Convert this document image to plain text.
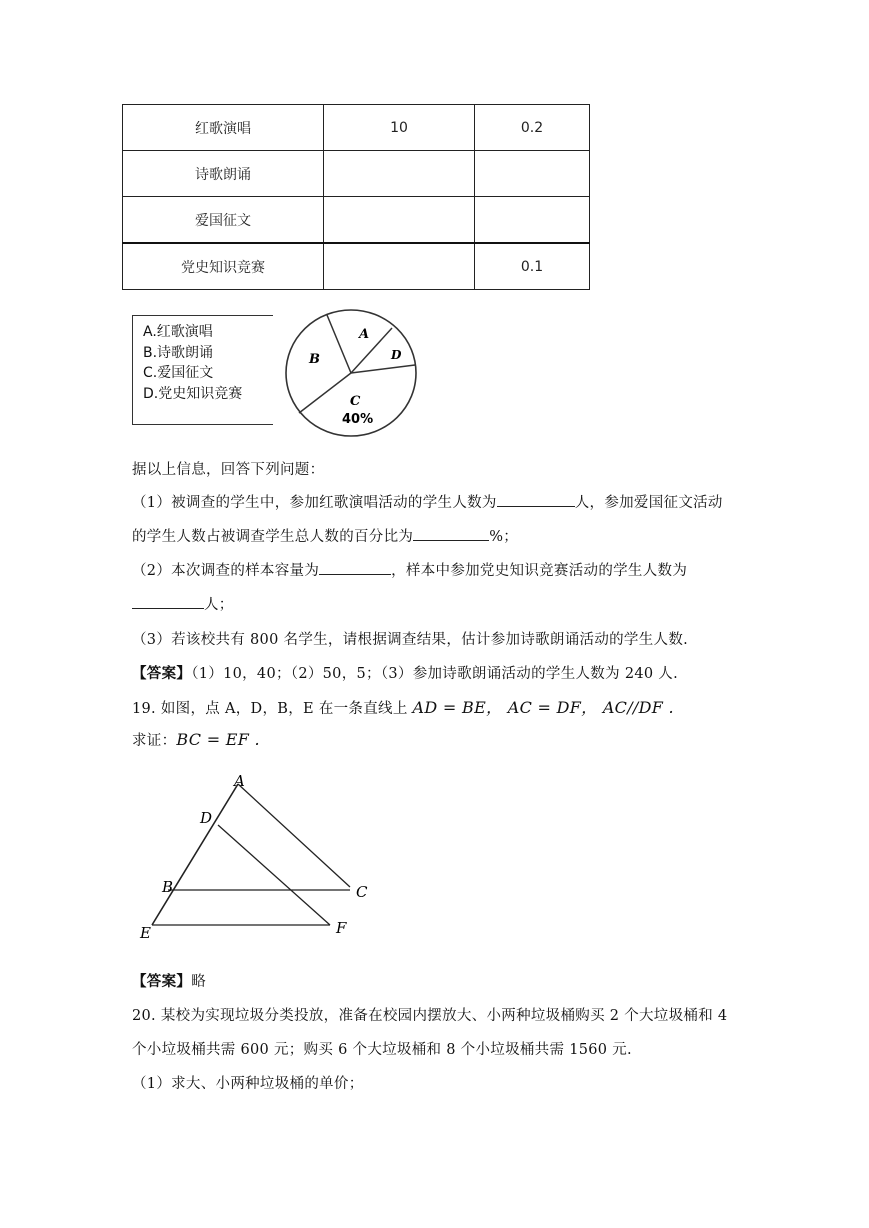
红歌演唱	10	0.2
诗歌朗诵		
爱国征文		
党史知识竞赛		0.1
A.红歌演唱
B.诗歌朗诵
C.爱国征文
D.党史知识竞赛
A
B	D
C
40%
据以上信息，回答下列问题：
（1）被调查的学生中，参加红歌演唱活动的学生人数为	人，参加爱国征文活动
的学生人数占被调查学生总人数的百分比为	%；
（2）本次调查的样本容量为	，样本中参加党史知识竞赛活动的学生人数为
人；
（3）若该校共有 800 名学生，请根据调查结果，估计参加诗歌朗诵活动的学生人数.
【答案】（1）10，40；（2）50，5；（3）参加诗歌朗诵活动的学生人数为 240 人.
19. 如图，点 A，D，B，E 在一条直线上 AD = BE， AC = DF， AC//DF .
求证：BC = EF .
A
D
B	C
E	F
【答案】略
20. 某校为实现垃圾分类投放，准备在校园内摆放大、小两种垃圾桶购买 2 个大垃圾桶和 4
个小垃圾桶共需 600 元；购买 6 个大垃圾桶和 8 个小垃圾桶共需 1560 元.
（1）求大、小两种垃圾桶的单价；
